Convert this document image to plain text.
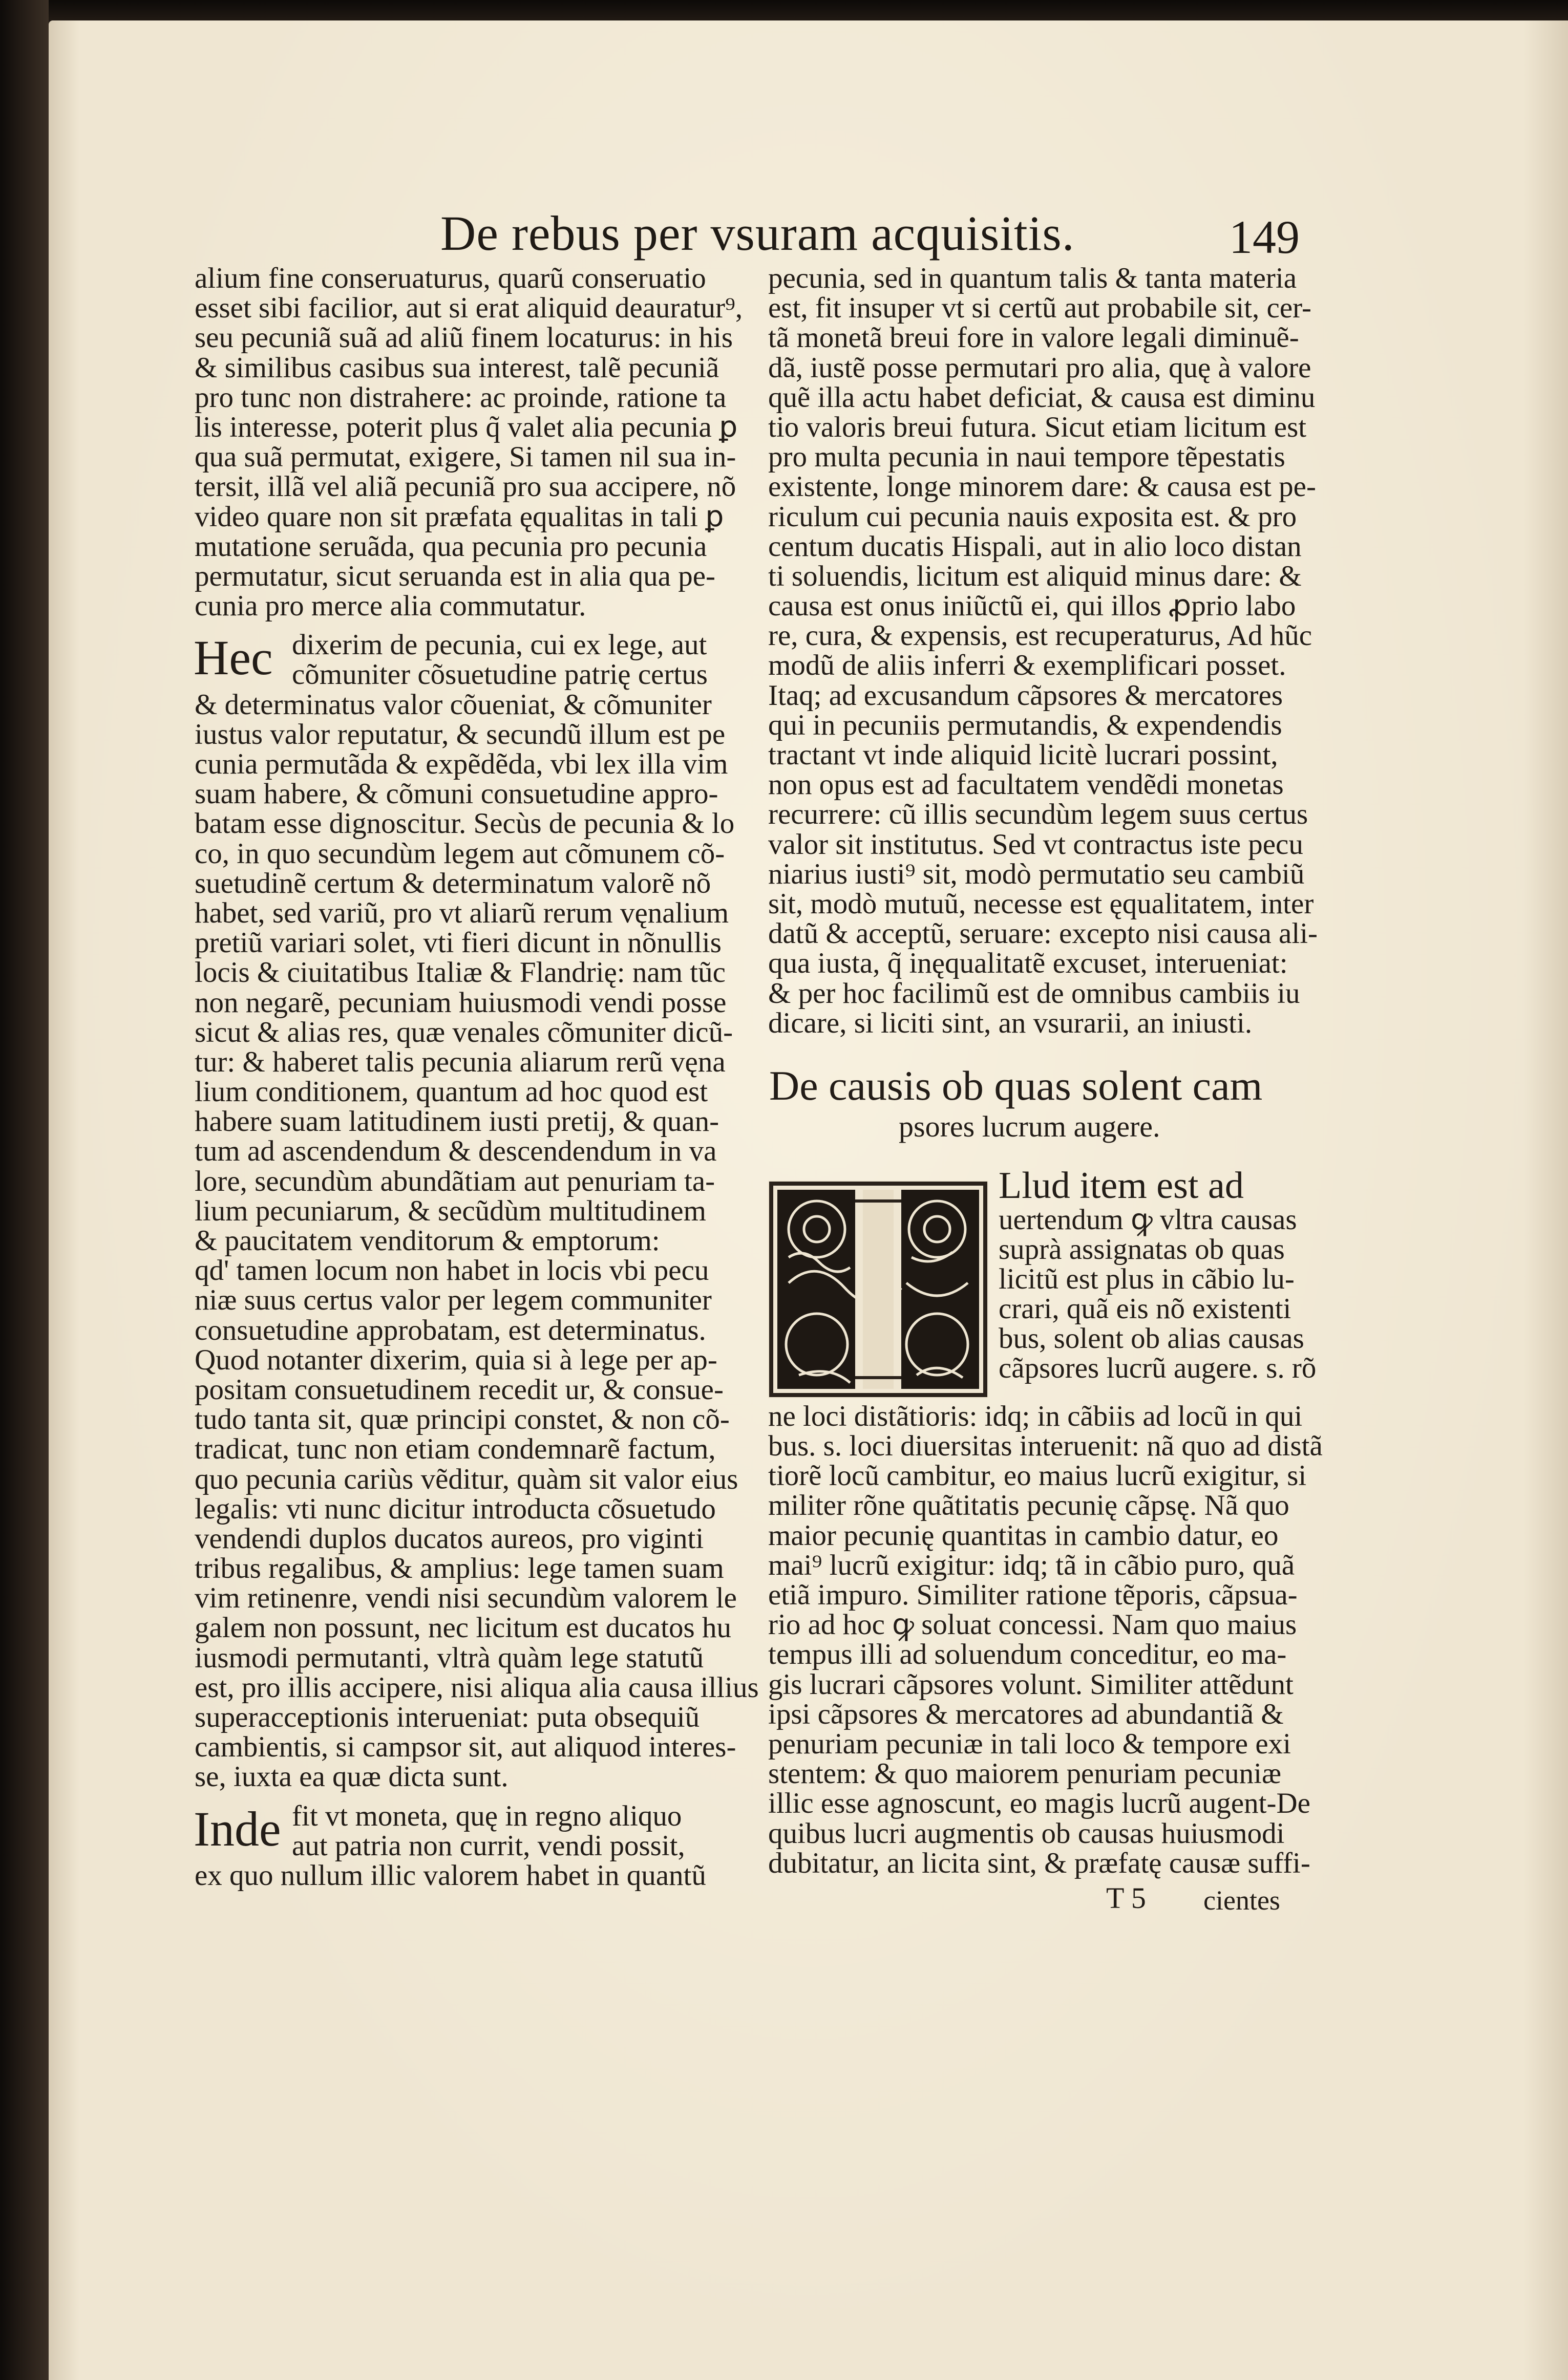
De rebus per vsuram acquisitis.	149
alium fine conseruaturus, quarũ conseruatio
esset sibi facilior, aut si erat aliquid deauratur⁹,
seu pecuniã suã ad aliũ finem locaturus: in his
& similibus casibus sua interest, talẽ pecuniã
pro tunc non distrahere: ac proinde, ratione ta
lis interesse, poterit plus q̃ valet alia pecunia ꝑ
qua suã permutat, exigere, Si tamen nil sua in-
tersit, illã vel aliã pecuniã pro sua accipere, nõ
video quare non sit præfata ęqualitas in tali ꝑ
mutatione seruãda, qua pecunia pro pecunia
permutatur, sicut seruanda est in alia qua pe-
cunia pro merce alia commutatur.
Hec dixerim de pecunia, cui ex lege, aut
cõmuniter cõsuetudine patrię certus
& determinatus valor cõueniat, & cõmuniter
iustus valor reputatur, & secundũ illum est pe
cunia permutãda & expẽdẽda, vbi lex illa vim
suam habere, & cõmuni consuetudine appro-
batam esse dignoscitur. Secùs de pecunia & lo
co, in quo secundùm legem aut cõmunem cõ-
suetudinẽ certum & determinatum valorẽ nõ
habet, sed variũ, pro vt aliarũ rerum vęnalium
pretiũ variari solet, vti fieri dicunt in nõnullis
locis & ciuitatibus Italiæ & Flandrię: nam tũc
non negarẽ, pecuniam huiusmodi vendi posse
sicut & alias res, quæ venales cõmuniter dicũ-
tur: & haberet talis pecunia aliarum rerũ vęna
lium conditionem, quantum ad hoc quod est
habere suam latitudinem iusti pretij, & quan-
tum ad ascendendum & descendendum in va
lore, secundùm abundãtiam aut penuriam ta-
lium pecuniarum, & secũdùm multitudinem
& paucitatem venditorum & emptorum:
qd' tamen locum non habet in locis vbi pecu
niæ suus certus valor per legem communiter
consuetudine approbatam, est determinatus.
Quod notanter dixerim, quia si à lege per ap-
positam consuetudinem recedit ur, & consue-
tudo tanta sit, quæ principi constet, & non cõ-
tradicat, tunc non etiam condemnarẽ factum,
quo pecunia cariùs vẽditur, quàm sit valor eius
legalis: vti nunc dicitur introducta cõsuetudo
vendendi duplos ducatos aureos, pro viginti
tribus regalibus, & amplius: lege tamen suam
vim retinenre, vendi nisi secundùm valorem le
galem non possunt, nec licitum est ducatos hu
iusmodi permutanti, vltrà quàm lege statutũ
est, pro illis accipere, nisi aliqua alia causa illius
superacceptionis interueniat: puta obsequiũ
cambientis, si campsor sit, aut aliquod interes-
se, iuxta ea quæ dicta sunt.
Inde fit vt moneta, quę in regno aliquo
aut patria non currit, vendi possit,
ex quo nullum illic valorem habet in quantũ
pecunia, sed in quantum talis & tanta materia
est, fit insuper vt si certũ aut probabile sit, cer-
tã monetã breui fore in valore legali diminuẽ-
dã, iustẽ posse permutari pro alia, quę à valore
quẽ illa actu habet deficiat, & causa est diminu
tio valoris breui futura. Sicut etiam licitum est
pro multa pecunia in naui tempore tẽpestatis
existente, longe minorem dare: & causa est pe-
riculum cui pecunia nauis exposita est. & pro
centum ducatis Hispali, aut in alio loco distan
ti soluendis, licitum est aliquid minus dare: &
causa est onus iniũctũ ei, qui illos ꝓprio labo
re, cura, & expensis, est recuperaturus, Ad hũc
modũ de aliis inferri & exemplificari posset.
Itaq; ad excusandum cãpsores & mercatores
qui in pecuniis permutandis, & expendendis
tractant vt inde aliquid licitè lucrari possint,
non opus est ad facultatem vendẽdi monetas
recurrere: cũ illis secundùm legem suus certus
valor sit institutus. Sed vt contractus iste pecu
niarius iusti⁹ sit, modò permutatio seu cambiũ
sit, modò mutuũ, necesse est ęqualitatem, inter
datũ & acceptũ, seruare: excepto nisi causa ali-
qua iusta, q̃ inęqualitatẽ excuset, interueniat:
& per hoc facilimũ est de omnibus cambiis iu
dicare, si liciti sint, an vsurarii, an iniusti.
De causis ob quas solent cam
psores lucrum augere.
Llud item est ad
uertendum ꝙ vltra causas
suprà assignatas ob quas
licitũ est plus in cãbio lu-
crari, quã eis nõ existenti
bus, solent ob alias causas
cãpsores lucrũ augere. s. rõ
ne loci distãtioris: idq; in cãbiis ad locũ in qui
bus. s. loci diuersitas interuenit: nã quo ad distã
tiorẽ locũ cambitur, eo maius lucrũ exigitur, si
militer rõne quãtitatis pecunię cãpsę. Nã quo
maior pecunię quantitas in cambio datur, eo
mai⁹ lucrũ exigitur: idq; tã in cãbio puro, quã
etiã impuro. Similiter ratione tẽporis, cãpsua-
rio ad hoc ꝙ soluat concessi. Nam quo maius
tempus illi ad soluendum conceditur, eo ma-
gis lucrari cãpsores volunt. Similiter attẽdunt
ipsi cãpsores & mercatores ad abundantiã &
penuriam pecuniæ in tali loco & tempore exi
stentem: & quo maiorem penuriam pecuniæ
illic esse agnoscunt, eo magis lucrũ augent-De
quibus lucri augmentis ob causas huiusmodi
dubitatur, an licita sint, & præfatę causæ suffi-
T 5 cientes
